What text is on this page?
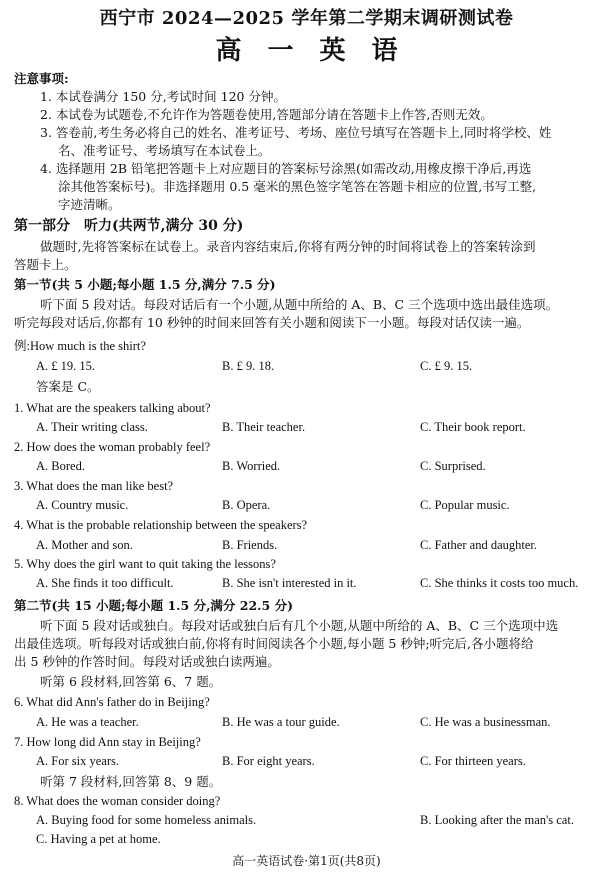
西宁市 2024—2025 学年第二学期末调研测试卷
高一英语
注意事项:
1. 本试卷满分 150 分,考试时间 120 分钟。
2. 本试卷为试题卷,不允许作为答题卷使用,答题部分请在答题卡上作答,否则无效。
3. 答卷前,考生务必将自己的姓名、准考证号、考场、座位号填写在答题卡上,同时将学校、姓
名、准考证号、考场填写在本试卷上。
4. 选择题用 2B 铅笔把答题卡上对应题目的答案标号涂黑(如需改动,用橡皮擦干净后,再选
涂其他答案标号)。非选择题用 0.5 毫米的黑色签字笔答在答题卡相应的位置,书写工整,
字迹清晰。
第一部分　听力(共两节,满分 30 分)
做题时,先将答案标在试卷上。录音内容结束后,你将有两分钟的时间将试卷上的答案转涂到
答题卡上。
第一节(共 5 小题;每小题 1.5 分,满分 7.5 分)
听下面 5 段对话。每段对话后有一个小题,从题中所给的 A、B、C 三个选项中选出最佳选项。
听完每段对话后,你都有 10 秒钟的时间来回答有关小题和阅读下一小题。每段对话仅读一遍。
例:How much is the shirt?
A. £ 19. 15.	B. £ 9. 18.	C. £ 9. 15.
答案是 C。
1. What are the speakers talking about?
A. Their writing class.	B. Their teacher.	C. Their book report.
2. How does the woman probably feel?
A. Bored.	B. Worried.	C. Surprised.
3. What does the man like best?
A. Country music.	B. Opera.	C. Popular music.
4. What is the probable relationship between the speakers?
A. Mother and son.	B. Friends.	C. Father and daughter.
5. Why does the girl want to quit taking the lessons?
A. She finds it too difficult.	B. She isn't interested in it.	C. She thinks it costs too much.
第二节(共 15 小题;每小题 1.5 分,满分 22.5 分)
听下面 5 段对话或独白。每段对话或独白后有几个小题,从题中所给的 A、B、C 三个选项中选
出最佳选项。听每段对话或独白前,你将有时间阅读各个小题,每小题 5 秒钟;听完后,各小题将给
出 5 秒钟的作答时间。每段对话或独白读两遍。
听第 6 段材料,回答第 6、7 题。
6. What did Ann's father do in Beijing?
A. He was a teacher.	B. He was a tour guide.	C. He was a businessman.
7. How long did Ann stay in Beijing?
A. For six years.	B. For eight years.	C. For thirteen years.
听第 7 段材料,回答第 8、9 题。
8. What does the woman consider doing?
A. Buying food for some homeless animals.	B. Looking after the man's cat.
C. Having a pet at home.
高一英语试卷·第1页(共8页)
